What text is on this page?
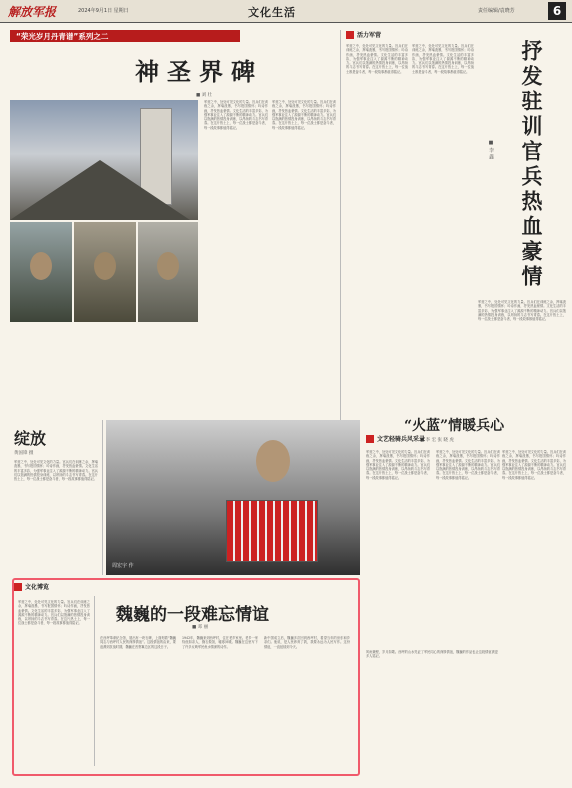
解放军报	2024年9月1日 星期日	文化生活	责任编辑/袁晓芳	6
“荣光岁月丹青谱”系列之二
神圣界碑
■ 刘 壮
军营之中，处处可见文化的力量。官兵们在训练之余，挥毫泼墨，书写报国情怀；吟诗作画，抒发热血豪情。文化生活的丰富多彩，为强军事业注入了源源不断的精神动力。官兵们以饱满的热情投身训练，以昂扬的斗志书写青春。在这片热土上，每一位战士都是奋斗者，每一段故事都值得铭记。
军营之中，处处可见文化的力量。官兵们在训练之余，挥毫泼墨，书写报国情怀；吟诗作画，抒发热血豪情。文化生活的丰富多彩，为强军事业注入了源源不断的精神动力。官兵们以饱满的热情投身训练，以昂扬的斗志书写青春。在这片热土上，每一位战士都是奋斗者，每一段故事都值得铭记。
活力军营
军营之中，处处可见文化的力量。官兵们在训练之余，挥毫泼墨，书写报国情怀；吟诗作画，抒发热血豪情。文化生活的丰富多彩，为强军事业注入了源源不断的精神动力。官兵们以饱满的热情投身训练，以昂扬的斗志书写青春。在这片热土上，每一位战士都是奋斗者，每一段故事都值得铭记。
军营之中，处处可见文化的力量。官兵们在训练之余，挥毫泼墨，书写报国情怀；吟诗作画，抒发热血豪情。文化生活的丰富多彩，为强军事业注入了源源不断的精神动力。官兵们以饱满的热情投身训练，以昂扬的斗志书写青春。在这片热土上，每一位战士都是奋斗者，每一段故事都值得铭记。 抒发驻训官兵热血豪情
■ 李 鑫
军营之中，处处可见文化的力量。官兵们在训练之余，挥毫泼墨，书写报国情怀；吟诗作画，抒发热血豪情。文化生活的丰富多彩，为强军事业注入了源源不断的精神动力。官兵们以饱满的热情投身训练，以昂扬的斗志书写青春。在这片热土上，每一位战士都是奋斗者，每一段故事都值得铭记。
“火蓝”情暖兵心
■ 李 宏 张 晓 虎
文艺轻骑兵风采录
军营之中，处处可见文化的力量。官兵们在训练之余，挥毫泼墨，书写报国情怀；吟诗作画，抒发热血豪情。文化生活的丰富多彩，为强军事业注入了源源不断的精神动力。官兵们以饱满的热情投身训练，以昂扬的斗志书写青春。在这片热土上，每一位战士都是奋斗者，每一段故事都值得铭记。
军营之中，处处可见文化的力量。官兵们在训练之余，挥毫泼墨，书写报国情怀；吟诗作画，抒发热血豪情。文化生活的丰富多彩，为强军事业注入了源源不断的精神动力。官兵们以饱满的热情投身训练，以昂扬的斗志书写青春。在这片热土上，每一位战士都是奋斗者，每一段故事都值得铭记。
军营之中，处处可见文化的力量。官兵们在训练之余，挥毫泼墨，书写报国情怀；吟诗作画，抒发热血豪情。文化生活的丰富多彩，为强军事业注入了源源不断的精神动力。官兵们以饱满的热情投身训练，以昂扬的斗志书写青春。在这片热土上，每一位战士都是奋斗者，每一段故事都值得铭记。
绽放
黄国锋 摄
军营之中，处处可见文化的力量。官兵们在训练之余，挥毫泼墨，书写报国情怀；吟诗作画，抒发热血豪情。文化生活的丰富多彩，为强军事业注入了源源不断的精神动力。官兵们以饱满的热情投身训练，以昂扬的斗志书写青春。在这片热土上，每一位战士都是奋斗者，每一段故事都值得铭记。
周宏宇 作
文化博览
魏巍的一段难忘情谊
■ 邓 丽
军营之中，处处可见文化的力量。官兵们在训练之余，挥毫泼墨，书写报国情怀；吟诗作画，抒发热血豪情。文化生活的丰富多彩，为强军事业注入了源源不断的精神动力。官兵们以饱满的热情投身训练，以昂扬的斗志书写青春。在这片热土上，每一位战士都是奋斗者，每一段故事都值得铭记。
在西坪革命纪念馆，展出有一块石碑，上面刻着“魏巍同志与西坪村人民的深厚情谊”。这段情谊的由来，要追溯到抗战时期，魏巍在晋察冀边区的这段日子。
1942年，魏巍来到西坪村，住在老乡家里。老乡一家待他如亲人，缝衣做饭，嘘寒问暖。魏巍在这里写下了许多反映军民鱼水情深的诗作。
新中国成立后，魏巍多次回到西坪村，看望当年的房东和乡亲们。他说，是人民养育了我，我要永远为人民写作。这份情谊，一直延续到今天。
风雨兼程，岁月如歌。西坪的山水见证了军民同心的深厚情谊，魏巍的作品也让这段情谊被更多人铭记。
